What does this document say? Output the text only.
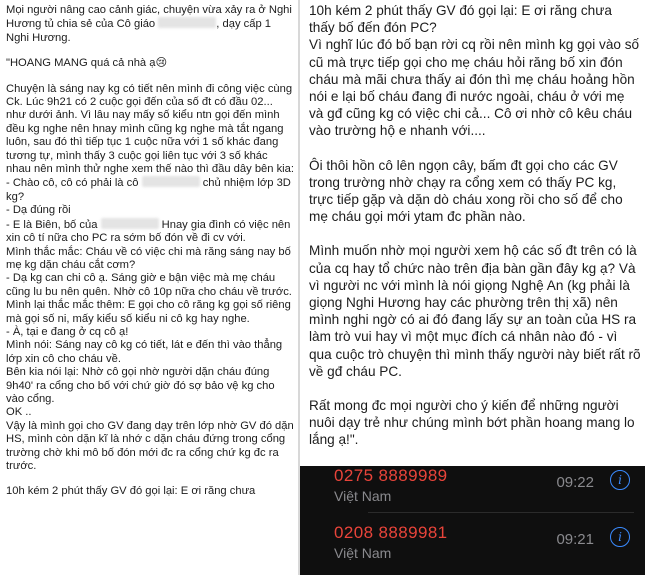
Mọi người nâng cao cảnh giác, chuyện vừa xảy ra ở Nghi Hương tủ chia sẻ của Cô giáo	, dạy cấp 1 Nghi Hương.

"HOANG MANG quá cả nhà ạ😢

Chuyện là sáng nay kg có tiết nên mình đi công việc cùng Ck. Lúc 9h21 có 2 cuộc gọi đến của số đt có đầu 02... như dưới ảnh. Vì lâu nay mấy số kiểu ntn gọi đến mình đều kg nghe nên hnay mình cũng kg nghe mà tắt ngang luôn, sau đó thì tiếp tục 1 cuộc nữa với 1 số khác đang tương tự, mình thấy 3 cuộc gọi liên tục với 3 số khác nhau nên mình thử nghe xem thế nào thì đầu dây bên kia:

- Chào cô, cô có phải là cô	chủ nhiệm lớp 3D kg?

- Dạ đúng rồi

- E là Biên, bố của	Hnay gia đình có việc nên xin cô tí nữa cho PC ra sớm bố đón về đi cv với.

Mình thắc mắc: Cháu về có việc chi mà răng sáng nay bố mẹ kg dặn cháu cắt cơm?

- Dạ kg can chi cô ạ. Sáng giờ e bận việc mà mẹ cháu cũng lu bu nên quên. Nhờ cô 10p nữa cho cháu về trước.

Mình lại thắc mắc thêm: E gọi cho cô răng kg gọi số riêng mà gọi số ni, mấy kiểu số kiểu ni cô kg hay nghe.

- À, tại e đang ở cq cô ạ!

Mình nói: Sáng nay cô kg có tiết, lát e đến thì vào thẳng lớp xin cô cho cháu về.

Bên kia nói lại: Nhờ cô gọi nhờ người dặn cháu đúng 9h40' ra cổng cho bố với chứ giờ đó sợ bảo vệ kg cho vào cổng.

OK ..

Vậy là mình gọi cho GV đang dạy trên lớp nhờ GV đó dặn HS, mình còn dặn kĩ là nhớ c dặn cháu đứng trong cổng trường chờ khi mô bố đón mới đc ra cổng chứ kg đc ra trước.

10h kém 2 phút thấy GV đó gọi lại: E ơi răng chưa

10h kém 2 phút thấy GV đó gọi lại: E ơi răng chưa thấy bố đến đón PC?

Vì nghĩ lúc đó bố bạn rời cq rồi nên mình kg gọi vào số cũ mà trực tiếp gọi cho mẹ cháu hỏi răng bố xin đón cháu mà mãi chưa thấy ai đón thì mẹ cháu hoảng hồn nói e lại bố cháu đang đi nước ngoài, cháu ở với mẹ và gđ cũng kg có việc chi cả... Cô ơi nhờ cô kêu cháu vào trường hộ e nhanh với....

Ôi thôi hồn cô lên ngọn cây, bấm đt gọi cho các GV trong trường nhờ chạy ra cổng xem có thấy PC kg, trực tiếp gặp và dặn dò cháu xong rồi cho số để cho mẹ cháu gọi mới ytam đc phần nào.

Mình muốn nhờ mọi người xem hộ các số đt trên có là của cq hay tổ chức nào trên địa bàn gần đây kg ạ? Và vì người nc với mình là nói giọng Nghệ An (kg phải là giọng Nghi Hương hay các phường trên thị xã) nên mình nghi ngờ có ai đó đang lấy sự an toàn của HS ra làm trò vui hay vì một mục đích cá nhân nào đó - vì qua cuộc trò chuyện thì mình thấy người này biết rất rõ về gđ cháu PC.

Rất mong đc mọi người cho ý kiến để những người nuôi dạy trẻ như chúng mình bớt phần hoang mang lo lắng ạ!".

0275 8889989
Việt Nam
09:22	i
0208 8889981
Việt Nam
09:21	i
